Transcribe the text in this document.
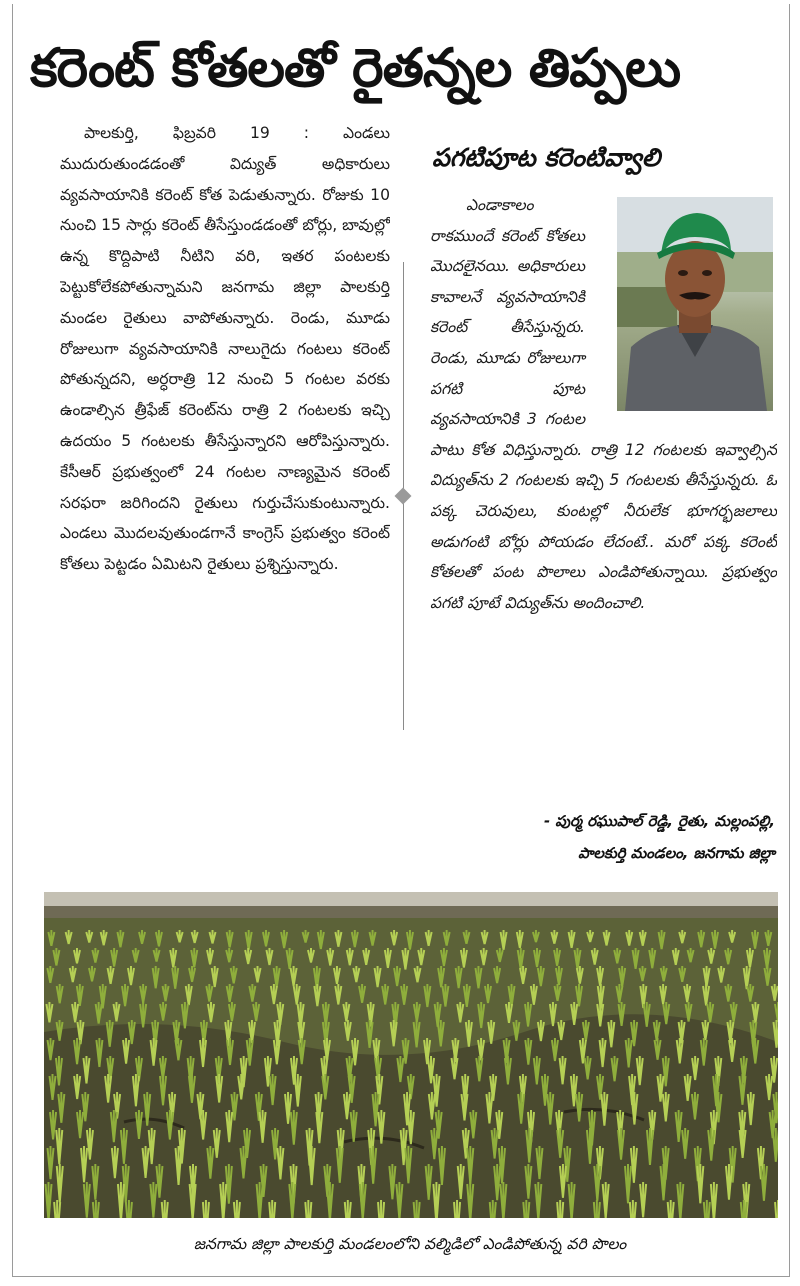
కరెంట్ కోతలతో రైతన్నల తిప్పలు

పాలకుర్తి, ఫిబ్రవరి 19 : ఎండలు ముదురుతుండడంతో విద్యుత్ అధికారులు వ్యవసాయానికి కరెంట్ కోత పెడుతున్నారు. రోజుకు 10 నుంచి 15 సార్లు కరెంట్ తీసేస్తుండడంతో బోర్లు, బావుల్లో ఉన్న కొద్దిపాటి నీటిని వరి, ఇతర పంటలకు పెట్టుకోలేకపోతున్నామని జనగామ జిల్లా పాలకుర్తి మండల రైతులు వాపోతున్నారు. రెండు, మూడు రోజులుగా వ్యవసాయానికి నాలుగైదు గంటలు కరెంట్ పోతున్నదని, అర్ధరాత్రి 12 నుంచి 5 గంటల వరకు ఉండాల్సిన త్రీఫేజ్ కరెంట్‌ను రాత్రి 2 గంటలకు ఇచ్చి ఉదయం 5 గంటలకు తీసేస్తున్నారని ఆరోపిస్తున్నారు. కేసీఆర్ ప్రభుత్వంలో 24 గంటల నాణ్యమైన కరెంట్ సరఫరా జరిగిందని రైతులు గుర్తుచేసుకుంటున్నారు. ఎండలు మొదలవుతుండగానే కాంగ్రెస్ ప్రభుత్వం కరెంట్ కోతలు పెట్టడం ఏమిటని రైతులు ప్రశ్నిస్తున్నారు.

పగటిపూట కరెంటివ్వాలి

ఎండాకాలం రాకముందే కరెంట్ కోతలు మొదలైనయి. అధికారులు కావాలనే వ్యవసాయానికి కరెంట్ తీసేస్తున్నరు. రెండు, మూడు రోజులుగా పగటి పూట వ్యవసాయానికి 3 గంటల పాటు కోత విధిస్తున్నారు. రాత్రి 12 గంటలకు ఇవ్వాల్సిన విద్యుత్‌ను 2 గంటలకు ఇచ్చి 5 గంటలకు తీసేస్తున్నరు. ఓ పక్క చెరువులు, కుంటల్లో నీరులేక భూగర్భజలాలు అడుగంటి బోర్లు పోయడం లేదంటే.. మరో పక్క కరెంట్ కోతలతో పంట పొలాలు ఎండిపోతున్నాయి. ప్రభుత్వం పగటి పూటే విద్యుత్‌ను అందించాలి.

- పుర్మ రఘుపాల్ రెడ్డి, రైతు, మల్లంపల్లి,
పాలకుర్తి మండలం, జనగామ జిల్లా
జనగామ జిల్లా పాలకుర్తి మండలంలోని వల్మిడిలో ఎండిపోతున్న వరి పొలం
